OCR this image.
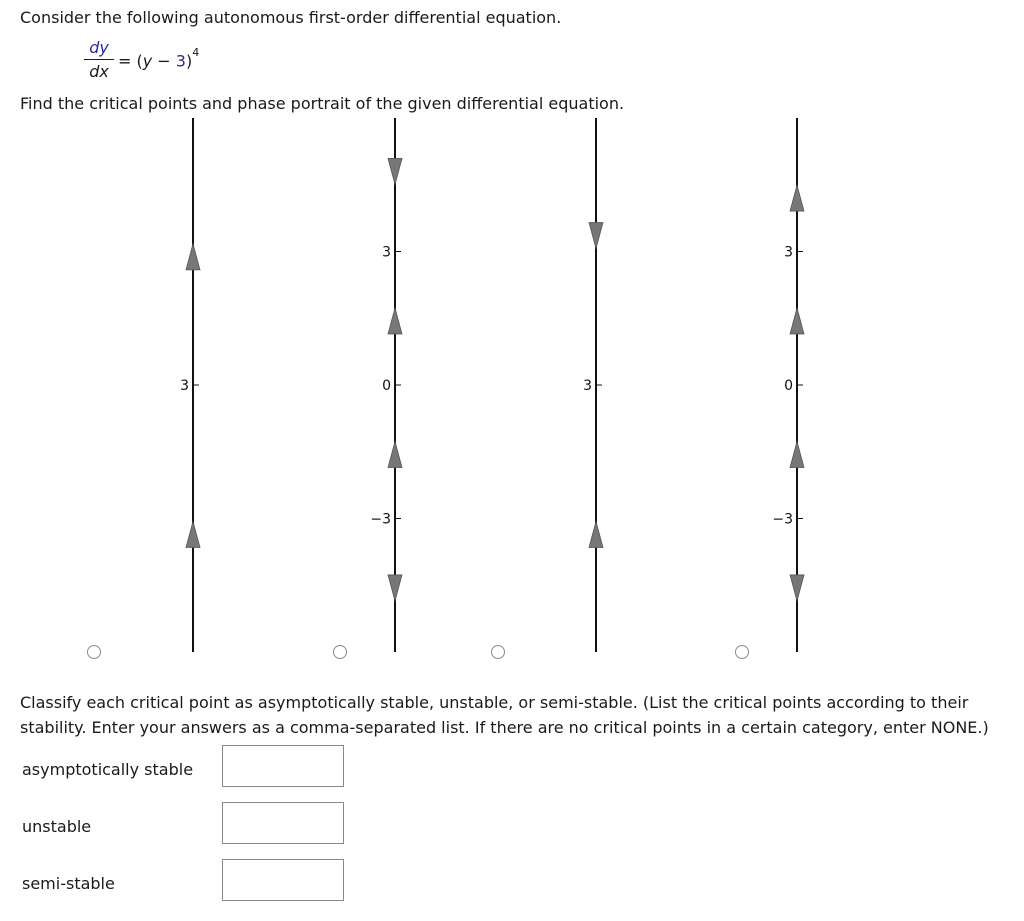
Consider the following autonomous first-order differential equation.
dy
dx
= $(y - 3)^4$
Find the critical points and phase portrait of the given differential equation.
3
3
0
−3
3
3
0
−3
Classify each critical point as asymptotically stable, unstable, or semi-stable. (List the critical points according to their stability. Enter your answers as a comma-separated list. If there are no critical points in a certain category, enter NONE.)
asymptotically stable
unstable
semi-stable
